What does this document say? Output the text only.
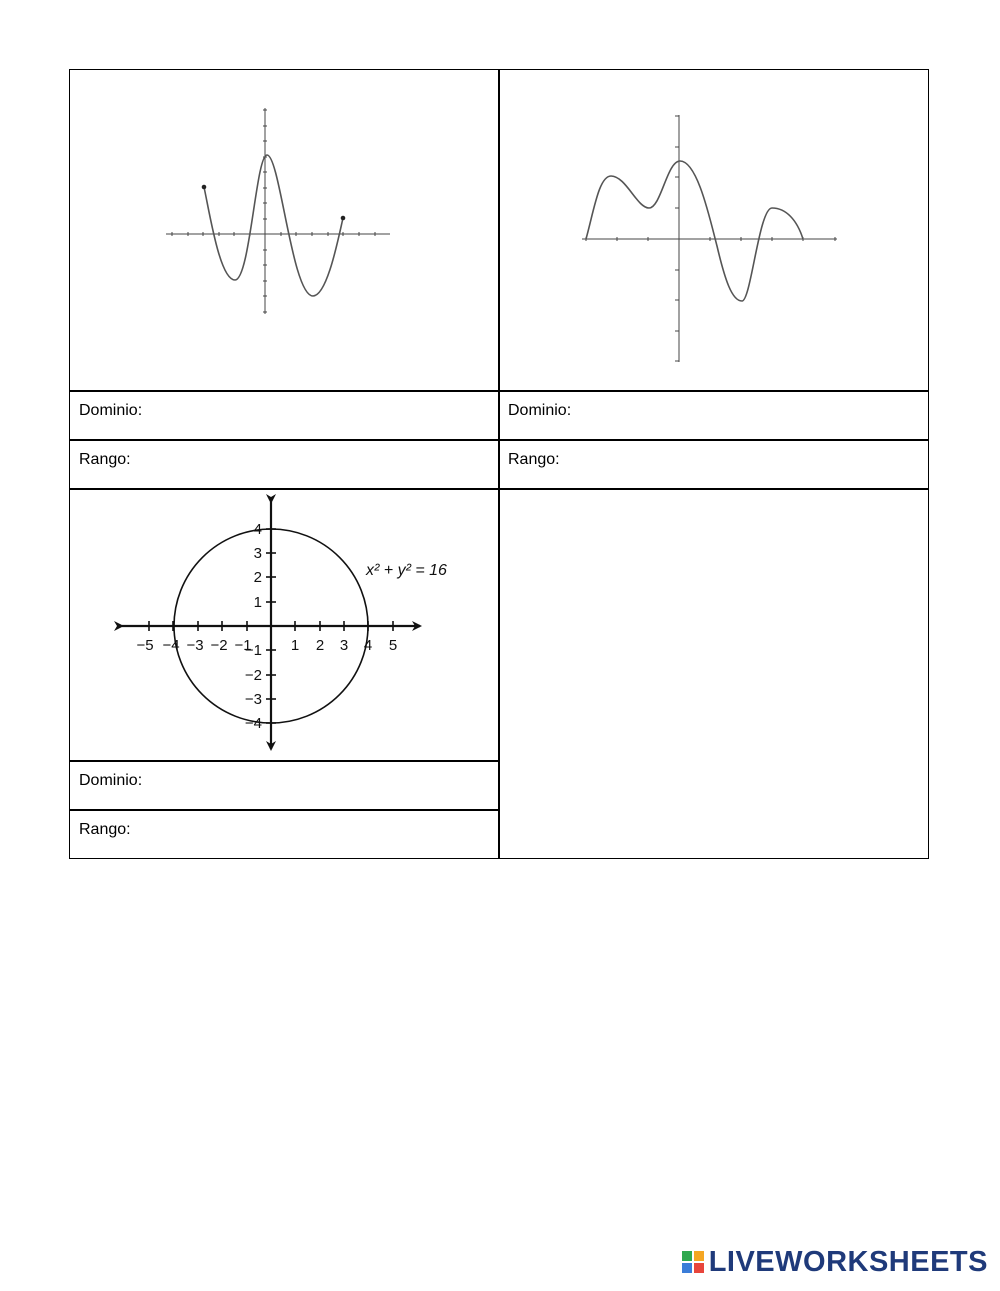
−5 −4 −3 −2 −1	1 2 3 4 5
4
3
2
1
−1
−2
−3
−4
x² + y² = 16
Dominio:
Rango:
Dominio:
Rango:
Dominio:
Rango:
LIVEWORKSHEETS
